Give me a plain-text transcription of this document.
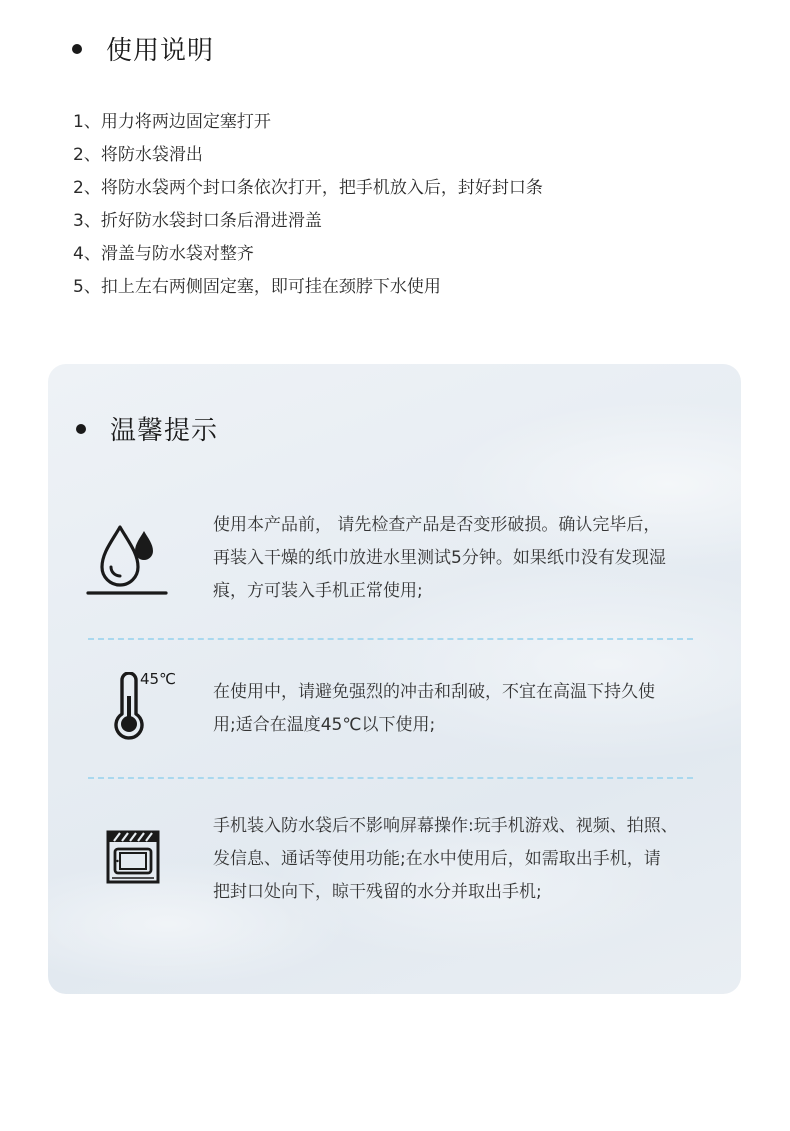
使用说明
1、用力将两边固定塞打开
2、将防水袋滑出
2、将防水袋两个封口条依次打开，把手机放入后，封好封口条
3、折好防水袋封口条后滑进滑盖
4、滑盖与防水袋对整齐
5、扣上左右两侧固定塞，即可挂在颈脖下水使用
温馨提示
使用本产品前， 请先检查产品是否变形破损。确认完毕后，
再装入干燥的纸巾放进水里测试5分钟。如果纸巾没有发现湿
痕，方可装入手机正常使用;
45℃
在使用中，请避免强烈的冲击和刮破，不宜在高温下持久使
用;适合在温度45℃以下使用;
手机装入防水袋后不影响屏幕操作:玩手机游戏、视频、拍照、
发信息、通话等使用功能;在水中使用后，如需取出手机，请
把封口处向下，晾干残留的水分并取出手机;
